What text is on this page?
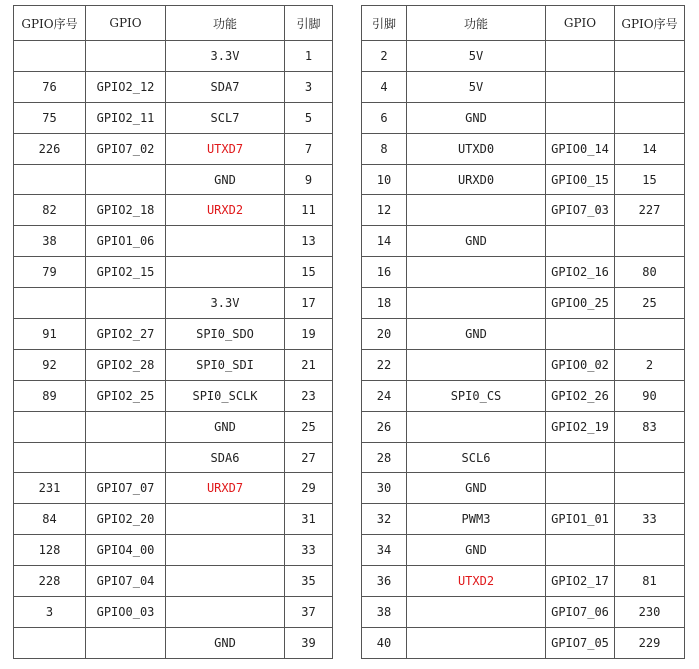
GPIO序号	GPIO	功能	引脚
		3.3V	1
76	GPIO2_12	SDA7	3
75	GPIO2_11	SCL7	5
226	GPIO7_02	UTXD7	7
		GND	9
82	GPIO2_18	URXD2	11
38	GPIO1_06		13
79	GPIO2_15		15
		3.3V	17
91	GPIO2_27	SPI0_SDO	19
92	GPIO2_28	SPI0_SDI	21
89	GPIO2_25	SPI0_SCLK	23
		GND	25
		SDA6	27
231	GPIO7_07	URXD7	29
84	GPIO2_20		31
128	GPIO4_00		33
228	GPIO7_04		35
3	GPIO0_03		37
		GND	39
引脚	功能	GPIO	GPIO序号
2	5V		
4	5V		
6	GND		
8	UTXD0	GPIO0_14	14
10	URXD0	GPIO0_15	15
12		GPIO7_03	227
14	GND		
16		GPIO2_16	80
18		GPIO0_25	25
20	GND		
22		GPIO0_02	2
24	SPI0_CS	GPIO2_26	90
26		GPIO2_19	83
28	SCL6		
30	GND		
32	PWM3	GPIO1_01	33
34	GND		
36	UTXD2	GPIO2_17	81
38		GPIO7_06	230
40		GPIO7_05	229
